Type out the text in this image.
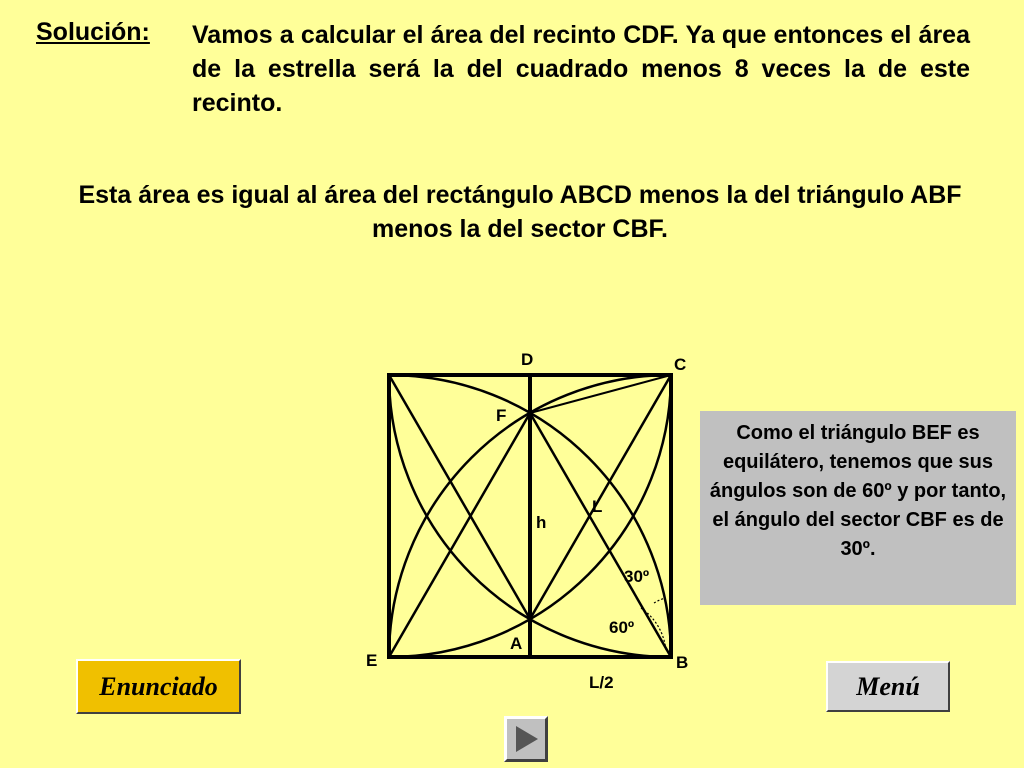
Solución: Vamos a calcular el área del recinto CDF. Ya que entonces el área de la estrella será la del cuadrado menos 8 veces la de este recinto.
Esta área es igual al área del rectángulo ABCD menos la del triángulo ABF menos la del sector CBF.
D	C
F
L
h
30º
60º
A
E	B
L/2
Como el triángulo BEF es equilátero, tenemos que sus ángulos son de 60º y por tanto, el ángulo del sector CBF es de 30º.
Enunciado	Menú
